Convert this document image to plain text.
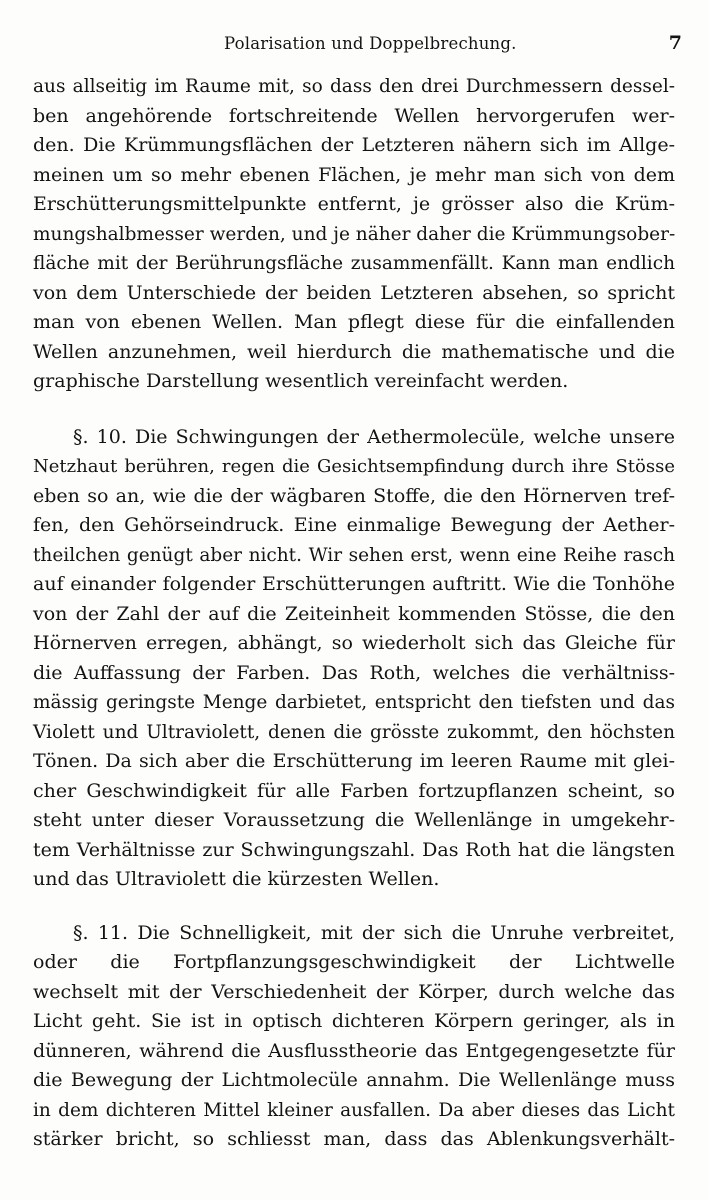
Polarisation und Doppelbrechung.	7
aus allseitig im Raume mit, so dass den drei Durchmessern dessel-
ben angehörende fortschreitende Wellen hervorgerufen wer-
den. Die Krümmungsflächen der Letzteren nähern sich im Allge-
meinen um so mehr ebenen Flächen, je mehr man sich von dem
Erschütterungsmittelpunkte entfernt, je grösser also die Krüm-
mungshalbmesser werden, und je näher daher die Krümmungsober-
fläche mit der Berührungsfläche zusammenfällt. Kann man endlich
von dem Unterschiede der beiden Letzteren absehen, so spricht
man von ebenen Wellen. Man pflegt diese für die einfallenden
Wellen anzunehmen, weil hierdurch die mathematische und die
graphische Darstellung wesentlich vereinfacht werden.
§. 10. Die Schwingungen der Aethermolecüle, welche unsere
Netzhaut berühren, regen die Gesichtsempfindung durch ihre Stösse
eben so an, wie die der wägbaren Stoffe, die den Hörnerven tref-
fen, den Gehörseindruck. Eine einmalige Bewegung der Aether-
theilchen genügt aber nicht. Wir sehen erst, wenn eine Reihe rasch
auf einander folgender Erschütterungen auftritt. Wie die Tonhöhe
von der Zahl der auf die Zeiteinheit kommenden Stösse, die den
Hörnerven erregen, abhängt, so wiederholt sich das Gleiche für
die Auffassung der Farben. Das Roth, welches die verhältniss-
mässig geringste Menge darbietet, entspricht den tiefsten und das
Violett und Ultraviolett, denen die grösste zukommt, den höchsten
Tönen. Da sich aber die Erschütterung im leeren Raume mit glei-
cher Geschwindigkeit für alle Farben fortzupflanzen scheint, so
steht unter dieser Voraussetzung die Wellenlänge in umgekehr-
tem Verhältnisse zur Schwingungszahl. Das Roth hat die längsten
und das Ultraviolett die kürzesten Wellen.
§. 11. Die Schnelligkeit, mit der sich die Unruhe verbreitet,
oder die Fortpflanzungsgeschwindigkeit der Lichtwelle
wechselt mit der Verschiedenheit der Körper, durch welche das
Licht geht. Sie ist in optisch dichteren Körpern geringer, als in
dünneren, während die Ausflusstheorie das Entgegengesetzte für
die Bewegung der Lichtmolecüle annahm. Die Wellenlänge muss
in dem dichteren Mittel kleiner ausfallen. Da aber dieses das Licht
stärker bricht, so schliesst man, dass das Ablenkungsverhält-
